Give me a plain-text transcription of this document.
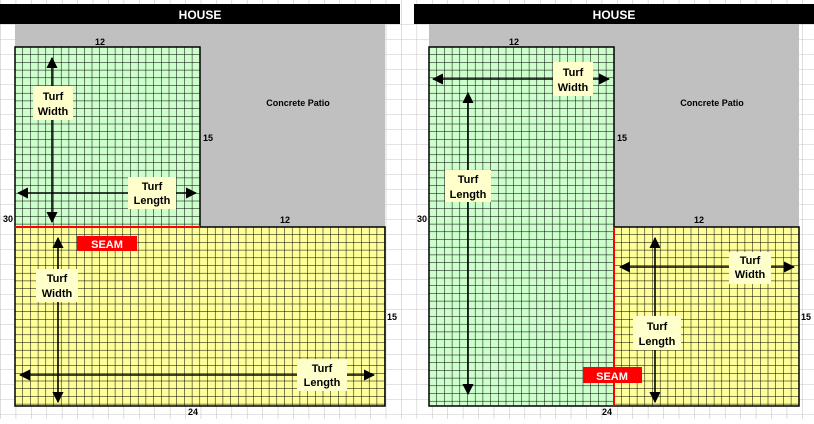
HOUSE
Concrete Patio
Turf
Width
Turf
Length
Turf
Width
Turf
Length
SEAM
12
15
30	12
15
24
HOUSE
Concrete Patio
Turf
Width
Turf
Length
Turf
Width
Turf
Length
SEAM
12
15
30	12
15
24
